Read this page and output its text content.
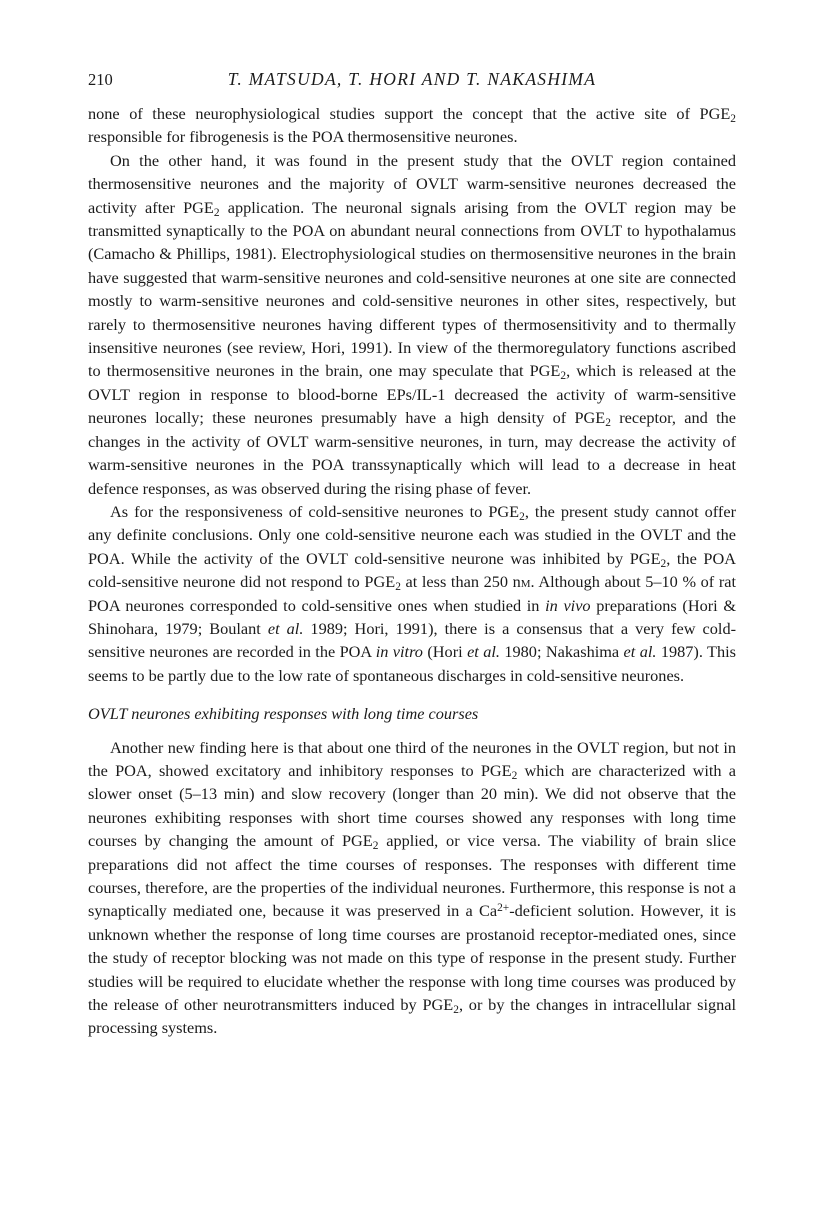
210	T. MATSUDA, T. HORI AND T. NAKASHIMA

none of these neurophysiological studies support the concept that the active site of $PGE_2$ responsible for fibrogenesis is the POA thermosensitive neurones.

On the other hand, it was found in the present study that the OVLT region contained thermosensitive neurones and the majority of OVLT warm-sensitive neurones decreased the activity after $PGE_2$ application. The neuronal signals arising from the OVLT region may be transmitted synaptically to the POA on abundant neural connections from OVLT to hypothalamus (Camacho & Phillips, 1981). Electrophysiological studies on thermosensitive neurones in the brain have suggested that warm-sensitive neurones and cold-sensitive neurones at one site are connected mostly to warm-sensitive neurones and cold-sensitive neurones in other sites, respectively, but rarely to thermosensitive neurones having different types of thermosensitivity and to thermally insensitive neurones (see review, Hori, 1991). In view of the thermoregulatory functions ascribed to thermosensitive neurones in the brain, one may speculate that $PGE_2$, which is released at the OVLT region in response to blood-borne EPs/IL-1 decreased the activity of warm-sensitive neurones locally; these neurones presumably have a high density of $PGE_2$ receptor, and the changes in the activity of OVLT warm-sensitive neurones, in turn, may decrease the activity of warm-sensitive neurones in the POA transsynaptically which will lead to a decrease in heat defence responses, as was observed during the rising phase of fever.

As for the responsiveness of cold-sensitive neurones to $PGE_2$, the present study cannot offer any definite conclusions. Only one cold-sensitive neurone each was studied in the OVLT and the POA. While the activity of the OVLT cold-sensitive neurone was inhibited by $PGE_2$, the POA cold-sensitive neurone did not respond to $PGE_2$ at less than 250 nm. Although about 5–10 % of rat POA neurones corresponded to cold-sensitive ones when studied in in vivo preparations (Hori & Shinohara, 1979; Boulant et al. 1989; Hori, 1991), there is a consensus that a very few cold-sensitive neurones are recorded in the POA in vitro (Hori et al. 1980; Nakashima et al. 1987). This seems to be partly due to the low rate of spontaneous discharges in cold-sensitive neurones.

OVLT neurones exhibiting responses with long time courses

Another new finding here is that about one third of the neurones in the OVLT region, but not in the POA, showed excitatory and inhibitory responses to $PGE_2$ which are characterized with a slower onset (5–13 min) and slow recovery (longer than 20 min). We did not observe that the neurones exhibiting responses with short time courses showed any responses with long time courses by changing the amount of $PGE_2$ applied, or vice versa. The viability of brain slice preparations did not affect the time courses of responses. The responses with different time courses, therefore, are the properties of the individual neurones. Furthermore, this response is not a synaptically mediated one, because it was preserved in a $Ca^{2+}$-deficient solution. However, it is unknown whether the response of long time courses are prostanoid receptor-mediated ones, since the study of receptor blocking was not made on this type of response in the present study. Further studies will be required to elucidate whether the response with long time courses was produced by the release of other neurotransmitters induced by $PGE_2$, or by the changes in intracellular signal processing systems.
